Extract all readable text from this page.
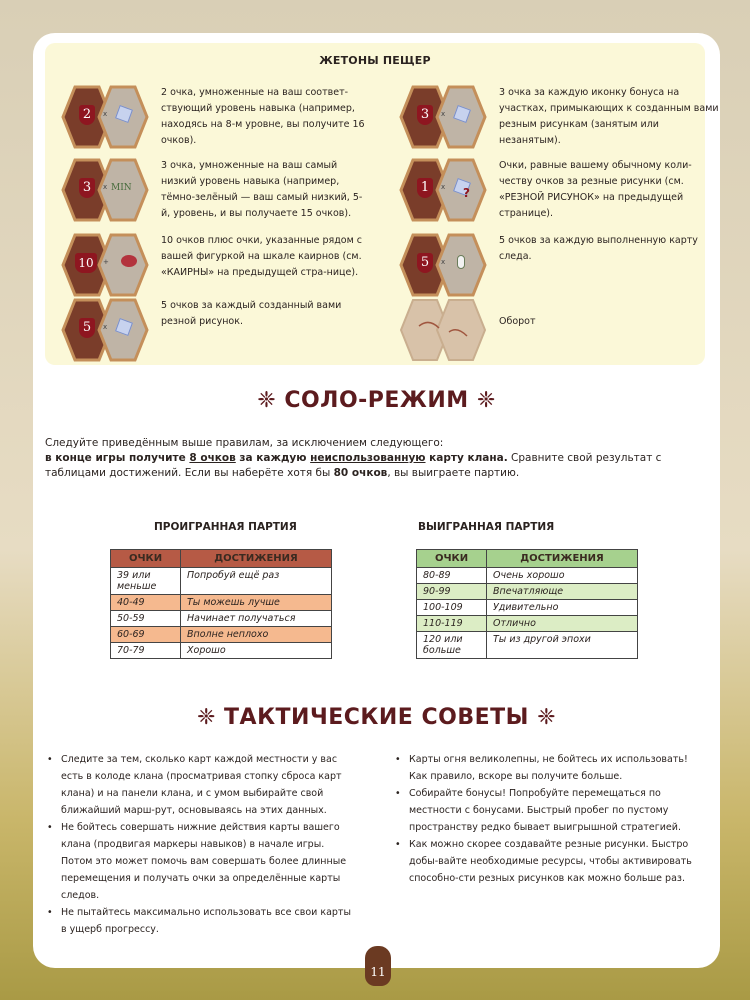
ЖЕТОНЫ ПЕЩЕР
2	x
2 очка, умноженные на ваш соответ-ствующий уровень навыка (например, находясь на 8-м уровне, вы получите 16 очков).
3	x MIN
3 очка, умноженные на ваш самый низкий уровень навыка (например, тёмно-зелёный — ваш самый низкий, 5-й, уровень, и вы получаете 15 очков).
10	+
10 очков плюс очки, указанные рядом с вашей фигуркой на шкале каирнов (см. «КАИРНЫ» на предыдущей стра-нице).
5	x
5 очков за каждый созданный вами резной рисунок.
3	x
3 очка за каждую иконку бонуса на участках, примыкающих к созданным вами резным рисункам (занятым или незанятым).
1	x ?
Очки, равные вашему обычному коли-честву очков за резные рисунки (см. «РЕЗНОЙ РИСУНОК» на предыдущей странице).
5	x
5 очков за каждую выполненную карту следа.
Оборот
❈ СОЛО-РЕЖИМ ❈
Следуйте приведённым выше правилам, за исключением следующего:
в конце игры получите 8 очков за каждую неиспользованную карту клана. Сравните свой результат с таблицами достижений. Если вы наберёте хотя бы 80 очков, вы выиграете партию.
ПРОИГРАННАЯ ПАРТИЯ
ОЧКИ	ДОСТИЖЕНИЯ
39 или меньше	Попробуй ещё раз
40-49	Ты можешь лучше
50-59	Начинает получаться
60-69	Вполне неплохо
70-79	Хорошо
ВЫИГРАННАЯ ПАРТИЯ
ОЧКИ	ДОСТИЖЕНИЯ
80-89	Очень хорошо
90-99	Впечатляюще
100-109	Удивительно
110-119	Отлично
120 или больше	Ты из другой эпохи
❈ ТАКТИЧЕСКИЕ СОВЕТЫ ❈
• Следите за тем, сколько карт каждой местности у вас есть в колоде клана (просматривая стопку сброса карт клана) и на панели клана, и с умом выбирайте свой ближайший марш-рут, основываясь на этих данных.
• Не бойтесь совершать нижние действия карты вашего клана (продвигая маркеры навыков) в начале игры. Потом это может помочь вам совершать более длинные перемещения и получать очки за определённые карты следов.
• Не пытайтесь максимально использовать все свои карты в ущерб прогрессу.
• Карты огня великолепны, не бойтесь их использовать! Как правило, вскоре вы получите больше.
• Собирайте бонусы! Попробуйте перемещаться по местности с бонусами. Быстрый пробег по пустому пространству редко бывает выигрышной стратегией.
• Как можно скорее создавайте резные рисунки. Быстро добы-вайте необходимые ресурсы, чтобы активировать способно-сти резных рисунков как можно больше раз.
11
